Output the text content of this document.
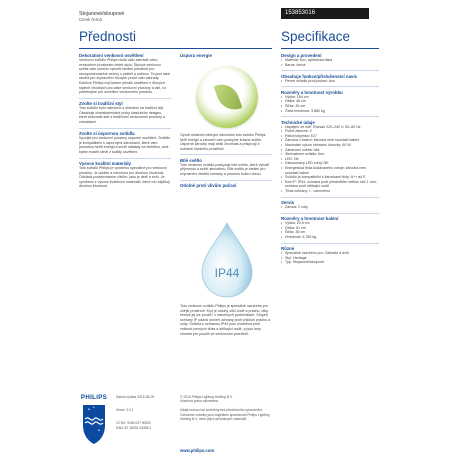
Stojanové/sloupové
Creek černá
153853016
Přednosti	Specifikace
Dekorativní venkovní osvětlení

Venkovní svítidlo Philips dodá Vaší zahradě nebo venkovním prostorám dotek stylu. Stylová venkovní světla vám umožní vytvořit ideální prostředí pro nezapomenutelné večery s přáteli a rodinou. Ta jsou také skvělá pro zvýraznění různých prvků vaší zahrady. Kolekce Philips myGarden přináší osvětlení v různých stylech vhodných pro vaše venkovní prostory a vše, co potřebujete pro osvětlení venkovního prostoru.

Zvolte si tradiční styl

Toto svítidlo bylo navrženo s ohledem na tradiční styl. Obsahuje charakteristické prvky klasického designu, které dokonale ladí s tradičními venkovními prostory a zahradami.

Zvolte si úspornou svítidla

Využijte pro venkovní prostory úsporné osvětlení. Svítidlo je kompatibilní s úspornými žárovkami, které vám pomohou šetřit energii a snížit náklady na elektřinu, aniž byste museli slevit z kvality osvětlení.

Vysoce kvalitní materiály

Toto svítidlo Philips je vyrobeno speciálně pro venkovní prostory. Je odolné a navrženo pro dlouhou životnost. Odolává povětrnostním vlivům, jako je déšť a sníh. Je vyrobeno z vysoce kvalitních materiálů, které mu zajišťují dlouhou životnost.

Úspora energie

Oproti ostatním běžným žárovkám toto svítidlo Philips šetří energii a zároveň vám poskytne krásné světlo. Úsporné žárovky mají delší životnost a přispívají k ochraně životního prostředí.

Bílé světlo

Toto venkovní svítidlo poskytuje bílé světlo, které vytváří příjemnou a svěží atmosféru. Bílé světlo je ideální pro zvýraznění detailů zahrady a prostoru kolem domu.

Odolné proti vlivům počasí
IP44

Toto venkovní svítidlo Philips je speciálně navrženo pro vnější prostředí. Kryt je odolný vůči vodě a prachu, díky čemuž jej lze použít i v náročných podmínkách. Stupeň ochrany IP udává úroveň ochrany proti vniknutí prachu a vody. Svítidla s ochranou IP44 jsou chráněna proti vniknutí pevných těles a stříkající vodě, a jsou tedy vhodná pro použití ve venkovním prostředí.

Design a provedení
• Materiál: Kov, syntetická látka
• Barva: černá
Obsahuje funkce/příslušenství navíc
• Pevné svítidlo proti počasí: Ano
Rozměry a hmotnost výrobku
• Výška: 184 cm
• Délka: 48 cm
• Šířka: 45 cm
• Čistá hmotnost: 3,880 kg
Technické údaje
• Napájení ze sítě: Rozsah 220–240 V, 50–60 Hz
• Počet žárovek: 2
• Patice/objímka: E27
• Žárovka v balení: žárovka není součástí balení
• Maximální výkon náhradní žárovky: 60 W
• Zabarvení světla: bílá
• Stmívatelné svítidlo: Ano
• LED: Ne
• Zabudovaný LED zdroj: NE
• Energetická třída dodávaného zdroje: žárovka není součástí balení
• Svítidlo je kompatibilní s žárovkami třídy: A++ až E
• Kód IP: IP44, ochrana proti předmětům větším než 1 mm, ochrana proti stříkající vodě
• Třída ochrany: I - uzemněno
Servis
• Záruka: 2 roky
Rozměry a hmotnost balení
• Výška: 29,5 cm
• Délka: 81 cm
• Šířka: 35 cm
• Hmotnost: 5,780 kg
Různé
• Speciálně navrženo pro: Zahrada a dvůr
• Styl: Heritage
• Typ: Stojanové/sloupové
PHILIPS	Datum vydání 2016-08-09
Verze: 3.0.1
12 NC: 9150 027 90902
EAN: 87 18291 44358 2
© 2016 Philips Lighting Holding B.V.
Všechna práva vyhrazena.
Údaje mohou být změněny bez předchozího upozornění. Ochranné známky jsou majetkem společnosti Philips Lighting Holding B.V. nebo jejich příslušných vlastníků.
www.philips.com
